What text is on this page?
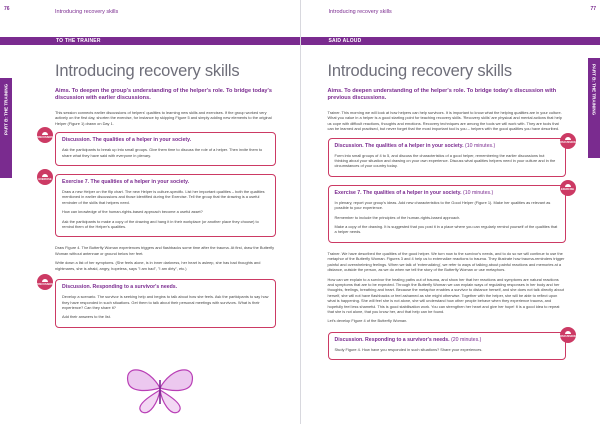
76	Introducing recovery skills
PART B: THE TRAINING
TO THE TRAINER
Introducing recovery skills
Aims. To deepen the group's understanding of the helper's role. To bridge today's discussion with earlier discussions.

This session connects earlier discussions of helpers' qualities to learning new skills and exercises. If the group worked very actively on the first day, shorten the exercise, for instance by skipping Figure 5 and simply adding new elements to the original Helper (Figure 1) drawn on Day 1.

DISCUSSION Discussion. The qualities of a helper in your society.

Ask the participants to break up into small groups. Give them time to discuss the role of a helper. Then invite them to share what they have said with everyone in plenary.

EXERCISE Exercise 7. The qualities of a helper in your society.

Draw a new Helper on the flip chart. The new Helper is culture-specific. List her important qualities – both the qualities mentioned in earlier discussions and those identified during the Exercise. Tell the group that the drawing is a useful reminder of the skills that helpers need.

How can knowledge of the human-rights-based approach become a useful asset?

Ask the participants to make a copy of the drawing and hang it in their workplace (or another place they choose) to remind them of the Helper's qualities.

Draw Figure 4. The Butterfly Woman experiences triggers and flashbacks some time after the trauma. At first, draw the Butterfly Woman without antennae or ground below her feet.

Write down a list of her symptoms. (She feels alone, is in inner darkness, her heart is asleep, she has bad thoughts and nightmares, she is afraid, angry, hopeless, says "I am bad", "I am dirty", etc.)

DISCUSSION Discussion. Responding to a survivor's needs.

Develop a scenario. The survivor is seeking help and begins to talk about how she feels. Ask the participants to say how they have responded in such situations. Get them to talk about their personal meetings with survivors. What is their experience? Can they share it?

Add their answers to the list.

77
Introducing recovery skills
PART B: THE TRAINING
SAID ALOUD
Introducing recovery skills
Aims. To deepen understanding of the helper's role. To bridge today's discussion with previous discussions.

Trainer. This morning we will look at how helpers can help survivors. It is important to know what the helping qualities are in your culture. What you value in a helper is a good starting point for teaching recovery skills. 'Recovery skills' are physical and mental actions that help us cope with difficult reactions, thoughts and emotions. Recovery techniques are among the tools we will work with. They are tools that can be learned and practised, but never forget that the most important tool is you – helpers with the good qualities you have described.

DISCUSSION
Discussion. The qualities of a helper in your society. (10 minutes.)

Form into small groups of 4 to 5, and discuss the characteristics of a good helper, remembering the earlier discussions but thinking about your situation and drawing on your own experience. Discuss what qualities helpers need in your culture and in the circumstances of your country today.

EXERCISE
Exercise 7. The qualities of a helper in your society. (10 minutes.)

In plenary, report your group's ideas. Add new characteristics to the Good Helper (Figure 1). Make her qualities as relevant as possible to your experience.

Remember to include the principles of the human-rights-based approach.

Make a copy of the drawing. It is suggested that you post it in a place where you can regularly remind yourself of the qualities that a helper needs.

Trainer. We have described the qualities of the good helper. We turn now to the survivor's needs, and to do so we will continue to use the metaphor of the Butterfly Woman. Figures 3 and 4 help us to externalize reactions to trauma. They illustrate how trauma-reminders trigger painful and overwhelming feelings. When we talk of 'externalizing', we refer to ways of talking about painful reactions and memories at a distance, outside the person, as we do when we tell the story of the Butterfly Woman or use metaphors.

How can we explain to a survivor the healing paths out of trauma, and show her that her reactions and symptoms are natural reactions and symptoms that are to be expected. Through the Butterfly Woman we can explain ways of regulating responses in her body and her thoughts, feelings, breathing and heart. Because the metaphor enables a survivor to distance herself, and she does not talk directly about herself, she will not have flashbacks or feel ashamed as she might otherwise. Together with the helper, she will be able to reflect upon what is happening. She will feel she is not alone, she will understand how other people behave when they experience trauma, and hopefully feel less shameful. This is good stabilisation work. You can strengthen her heart and give her hope! It is a good idea to repeat that she is not alone, that you know her, and that help can be found.

Let's develop Figure 4 of the Butterfly Woman.

DISCUSSION
Discussion. Responding to a survivor's needs. (20 minutes.)

Study Figure 4. How have you responded in such situations? Share your experiences.
